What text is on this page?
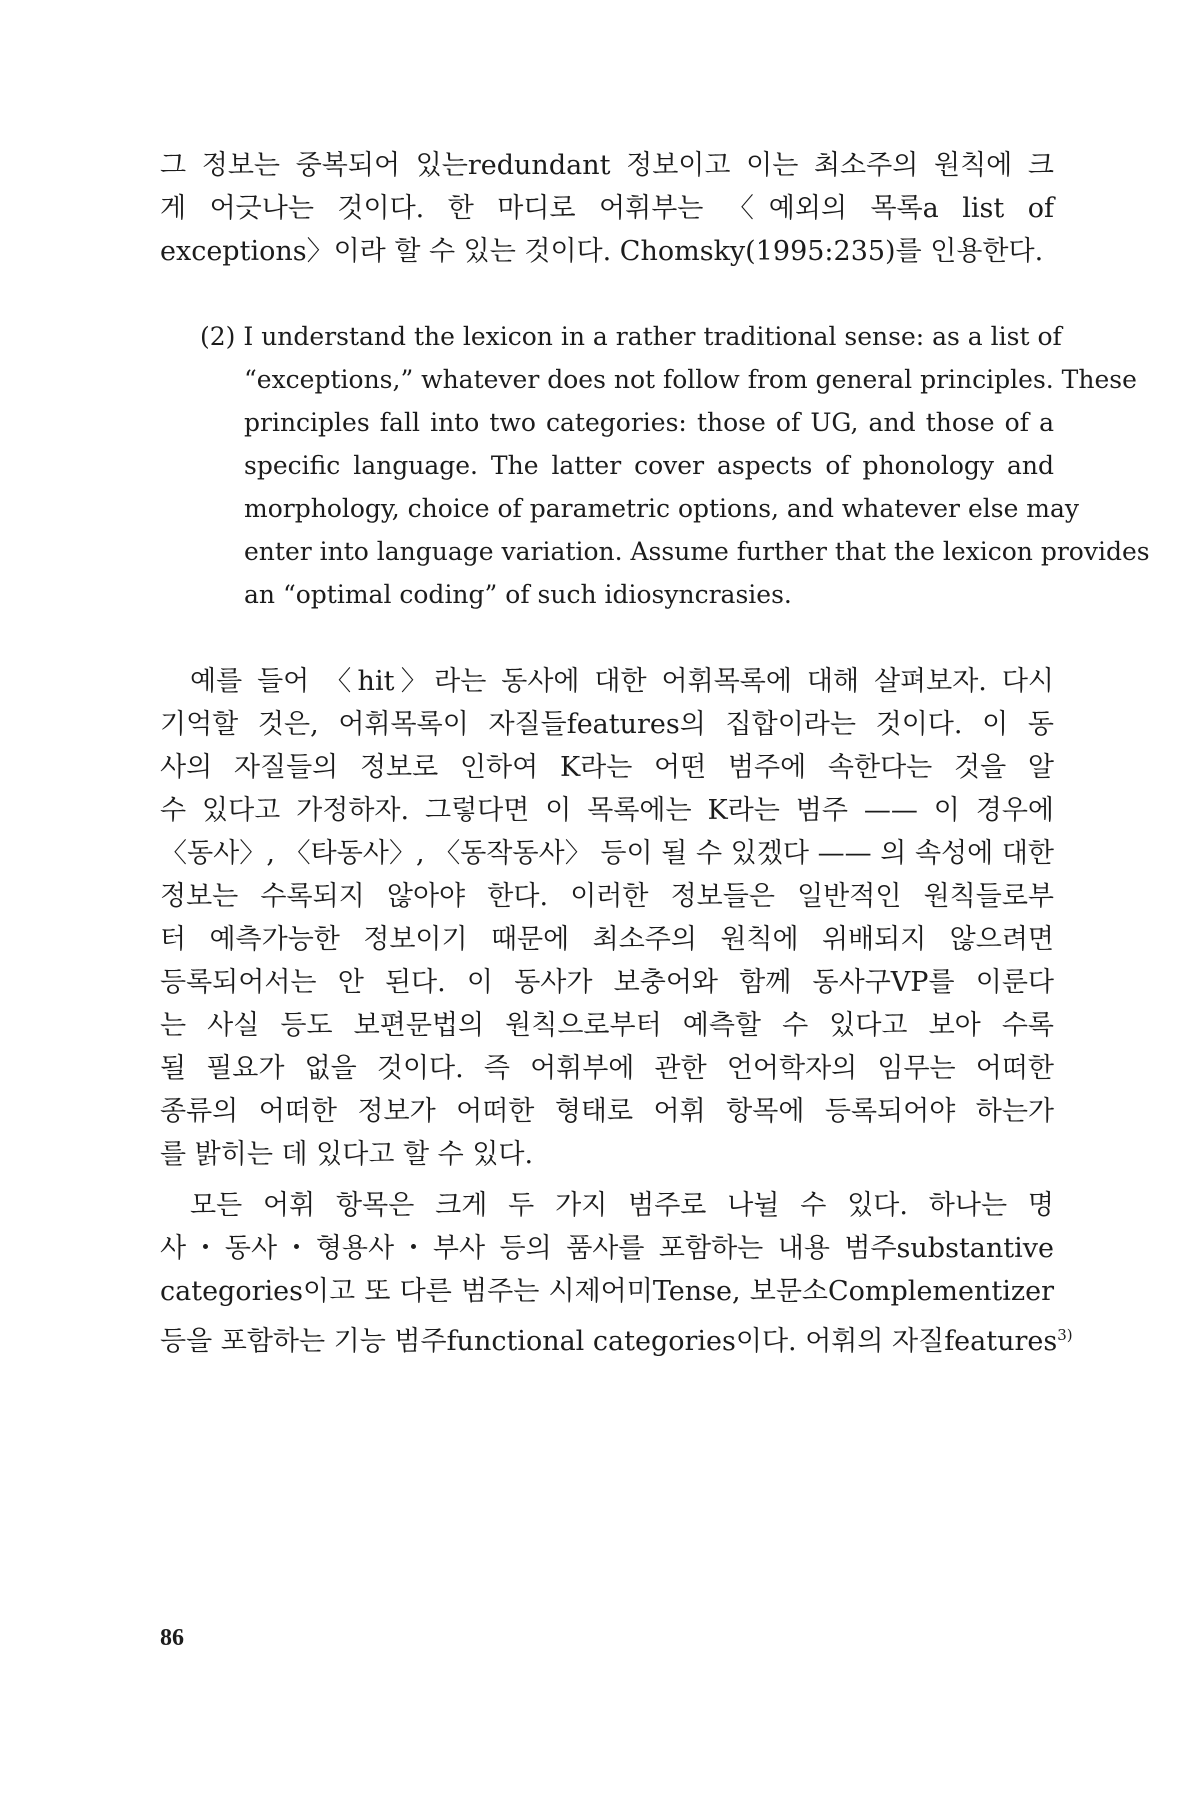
그 정보는 중복되어 있는redundant 정보이고 이는 최소주의 원칙에 크
게 어긋나는 것이다. 한 마디로 어휘부는 〈예외의 목록a list of
exceptions〉이라 할 수 있는 것이다. Chomsky(1995:235)를 인용한다.
(2) I understand the lexicon in a rather traditional sense: as a list of
“exceptions,” whatever does not follow from general principles. These
principles fall into two categories: those of UG, and those of a
specific language. The latter cover aspects of phonology and
morphology, choice of parametric options, and whatever else may
enter into language variation. Assume further that the lexicon provides
an “optimal coding” of such idiosyncrasies.
예를 들어 〈hit〉라는 동사에 대한 어휘목록에 대해 살펴보자. 다시
기억할 것은, 어휘목록이 자질들features의 집합이라는 것이다. 이 동
사의 자질들의 정보로 인하여 K라는 어떤 범주에 속한다는 것을 알
수 있다고 가정하자. 그렇다면 이 목록에는 K라는 범주 —— 이 경우에
〈동사〉, 〈타동사〉, 〈동작동사〉 등이 될 수 있겠다 —— 의 속성에 대한
정보는 수록되지 않아야 한다. 이러한 정보들은 일반적인 원칙들로부
터 예측가능한 정보이기 때문에 최소주의 원칙에 위배되지 않으려면
등록되어서는 안 된다. 이 동사가 보충어와 함께 동사구VP를 이룬다
는 사실 등도 보편문법의 원칙으로부터 예측할 수 있다고 보아 수록
될 필요가 없을 것이다. 즉 어휘부에 관한 언어학자의 임무는 어떠한
종류의 어떠한 정보가 어떠한 형태로 어휘 항목에 등록되어야 하는가
를 밝히는 데 있다고 할 수 있다.
모든 어휘 항목은 크게 두 가지 범주로 나뉠 수 있다. 하나는 명
사・동사・형용사・부사 등의 품사를 포함하는 내용 범주substantive
categories이고 또 다른 범주는 시제어미Tense, 보문소Complementizer
등을 포함하는 기능 범주functional categories이다. 어휘의 자질features$^{3)}$
86
